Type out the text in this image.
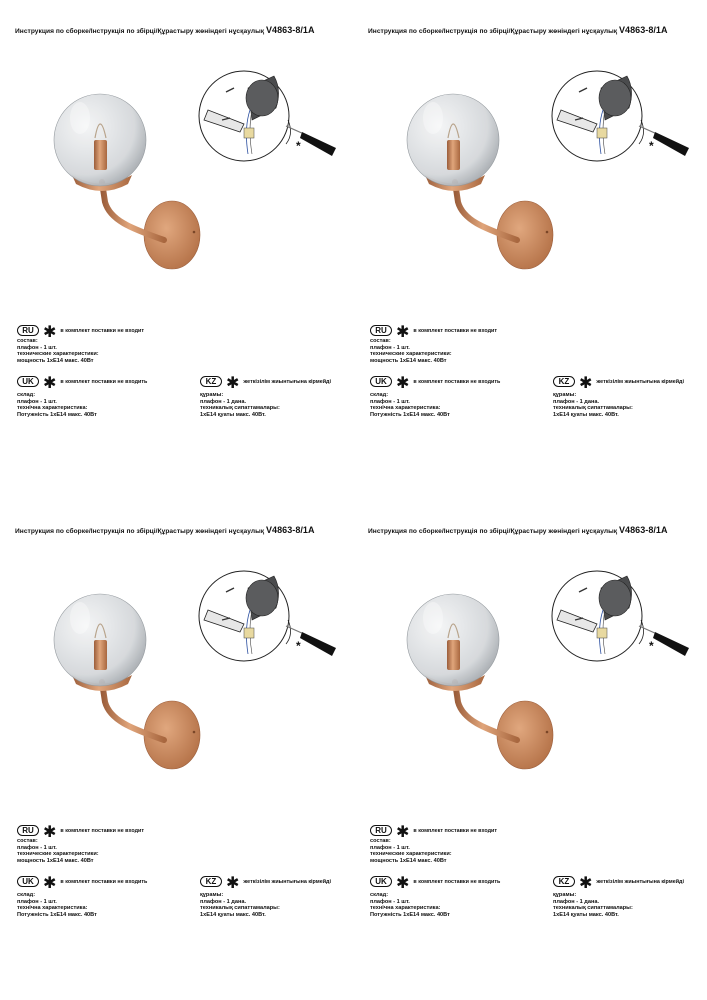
Инструкция по сборке/Інструкція по збірці/Құрастыру жөніндегі нұсқаулық V4863-8/1A
*
RU ✱ в комплект поставки не входит
состав:
плафон - 1 шт.
технические характеристики:
мощность 1xE14 макс. 40Вт
UK ✱ в комплект поставки не входить
склад:
плафон - 1 шт.
технічна характеристика:
Потужність 1xE14 макс. 40Вт
KZ ✱ жеткізілім жиынтығына кірмейді
құрамы:
плафон - 1 дана.
техникалық сипаттамалары:
1xE14 қуаты макс. 40Вт.
Инструкция по сборке/Інструкція по збірці/Құрастыру жөніндегі нұсқаулық V4863-8/1A
*
RU ✱ в комплект поставки не входит
состав:
плафон - 1 шт.
технические характеристики:
мощность 1xE14 макс. 40Вт
UK ✱ в комплект поставки не входить
склад:
плафон - 1 шт.
технічна характеристика:
Потужність 1xE14 макс. 40Вт
KZ ✱ жеткізілім жиынтығына кірмейді
құрамы:
плафон - 1 дана.
техникалық сипаттамалары:
1xE14 қуаты макс. 40Вт.
Инструкция по сборке/Інструкція по збірці/Құрастыру жөніндегі нұсқаулық V4863-8/1A
*
RU ✱ в комплект поставки не входит
состав:
плафон - 1 шт.
технические характеристики:
мощность 1xE14 макс. 40Вт
UK ✱ в комплект поставки не входить
склад:
плафон - 1 шт.
технічна характеристика:
Потужність 1xE14 макс. 40Вт
KZ ✱ жеткізілім жиынтығына кірмейді
құрамы:
плафон - 1 дана.
техникалық сипаттамалары:
1xE14 қуаты макс. 40Вт.
Инструкция по сборке/Інструкція по збірці/Құрастыру жөніндегі нұсқаулық V4863-8/1A
*
RU ✱ в комплект поставки не входит
состав:
плафон - 1 шт.
технические характеристики:
мощность 1xE14 макс. 40Вт
UK ✱ в комплект поставки не входить
склад:
плафон - 1 шт.
технічна характеристика:
Потужність 1xE14 макс. 40Вт
KZ ✱ жеткізілім жиынтығына кірмейді
құрамы:
плафон - 1 дана.
техникалық сипаттамалары:
1xE14 қуаты макс. 40Вт.
